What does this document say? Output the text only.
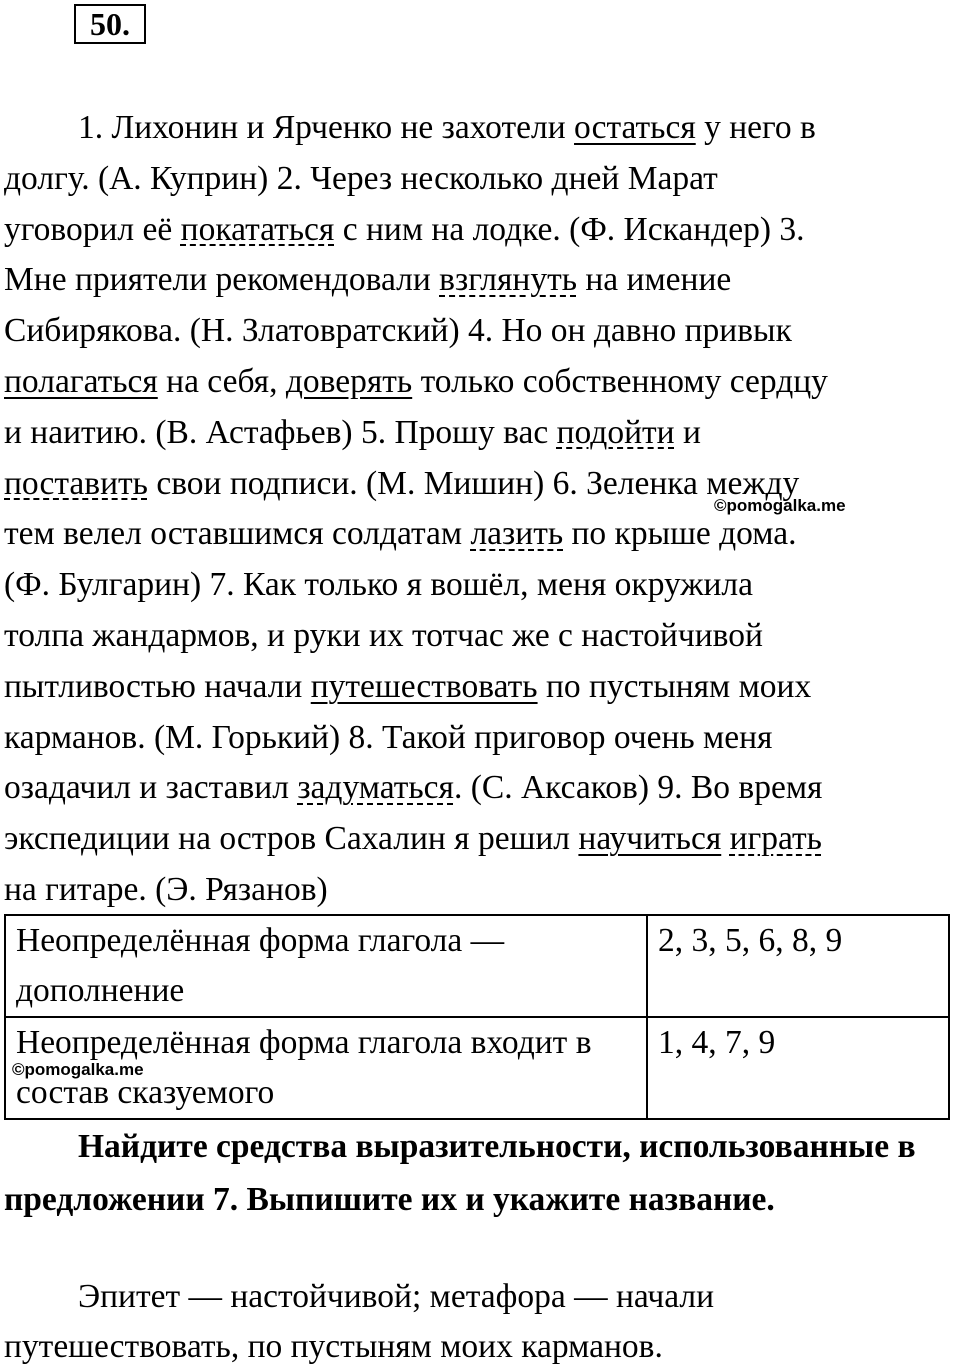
50.
1. Лихонин и Ярченко не захотели остаться у него в
долгу. (А. Куприн) 2. Через несколько дней Марат
уговорил её покататься с ним на лодке. (Ф. Искандер) 3.
Мне приятели рекомендовали взглянуть на имение
Сибирякова. (Н. Златовратский) 4. Но он давно привык
полагаться на себя, доверять только собственному сердцу
и наитию. (В. Астафьев) 5. Прошу вас подойти и
поставить свои подписи. (М. Мишин) 6. Зеленка между
тем велел оставшимся солдатам лазить по крыше дома.
(Ф. Булгарин) 7. Как только я вошёл, меня окружила
толпа жандармов, и руки их тотчас же с настойчивой
пытливостью начали путешествовать по пустыням моих
карманов. (М. Горький) 8. Такой приговор очень меня
озадачил и заставил задуматься. (С. Аксаков) 9. Во время
экспедиции на остров Сахалин я решил научиться играть
на гитаре. (Э. Рязанов)
©pomogalka.me
Неопределённая форма глагола — дополнение	2, 3, 5, 6, 8, 9
Неопределённая форма глагола входит в состав сказуемого	1, 4, 7, 9
©pomogalka.me
Найдите средства выразительности, использованные в предложении 7. Выпишите их и укажите название.
Эпитет — настойчивой; метафора — начали путешествовать, по пустыням моих карманов.
